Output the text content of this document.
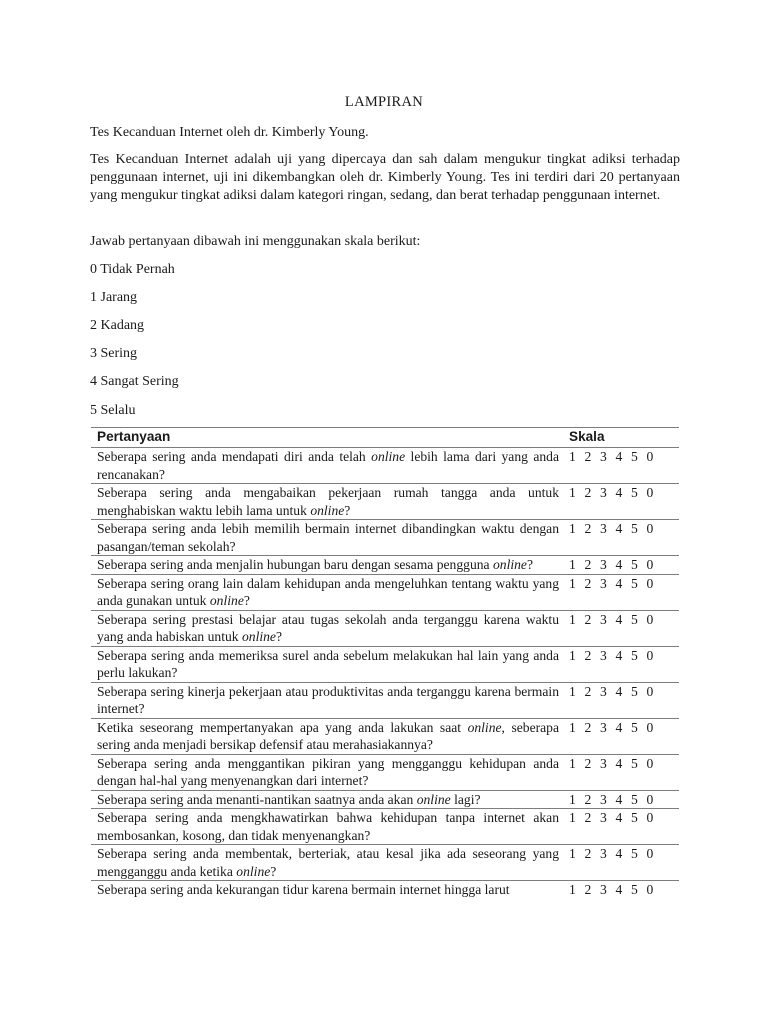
LAMPIRAN
Tes Kecanduan Internet oleh dr. Kimberly Young.
Tes Kecanduan Internet adalah uji yang dipercaya dan sah dalam mengukur tingkat adiksi terhadap penggunaan internet, uji ini dikembangkan oleh dr. Kimberly Young. Tes ini terdiri dari 20 pertanyaan yang mengukur tingkat adiksi dalam kategori ringan, sedang, dan berat terhadap penggunaan internet.
Jawab pertanyaan dibawah ini menggunakan skala berikut:
0 Tidak Pernah
1 Jarang
2 Kadang
3 Sering
4 Sangat Sering
5 Selalu
Pertanyaan	Skala
Seberapa sering anda mendapati diri anda telah online lebih lama dari yang anda rencanakan?	1 2 3 4 5 0
Seberapa sering anda mengabaikan pekerjaan rumah tangga anda untuk menghabiskan waktu lebih lama untuk online?	1 2 3 4 5 0
Seberapa sering anda lebih memilih bermain internet dibandingkan waktu dengan pasangan/teman sekolah?	1 2 3 4 5 0
Seberapa sering anda menjalin hubungan baru dengan sesama pengguna online?	1 2 3 4 5 0
Seberapa sering orang lain dalam kehidupan anda mengeluhkan tentang waktu yang anda gunakan untuk online?	1 2 3 4 5 0
Seberapa sering prestasi belajar atau tugas sekolah anda terganggu karena waktu yang anda habiskan untuk online?	1 2 3 4 5 0
Seberapa sering anda memeriksa surel anda sebelum melakukan hal lain yang anda perlu lakukan?	1 2 3 4 5 0
Seberapa sering kinerja pekerjaan atau produktivitas anda terganggu karena bermain internet?	1 2 3 4 5 0
Ketika seseorang mempertanyakan apa yang anda lakukan saat online, seberapa sering anda menjadi bersikap defensif atau merahasiakannya?	1 2 3 4 5 0
Seberapa sering anda menggantikan pikiran yang mengganggu kehidupan anda dengan hal-hal yang menyenangkan dari internet?	1 2 3 4 5 0
Seberapa sering anda menanti-nantikan saatnya anda akan online lagi?	1 2 3 4 5 0
Seberapa sering anda mengkhawatirkan bahwa kehidupan tanpa internet akan membosankan, kosong, dan tidak menyenangkan?	1 2 3 4 5 0
Seberapa sering anda membentak, berteriak, atau kesal jika ada seseorang yang mengganggu anda ketika online?	1 2 3 4 5 0
Seberapa sering anda kekurangan tidur karena bermain internet hingga larut	1 2 3 4 5 0
